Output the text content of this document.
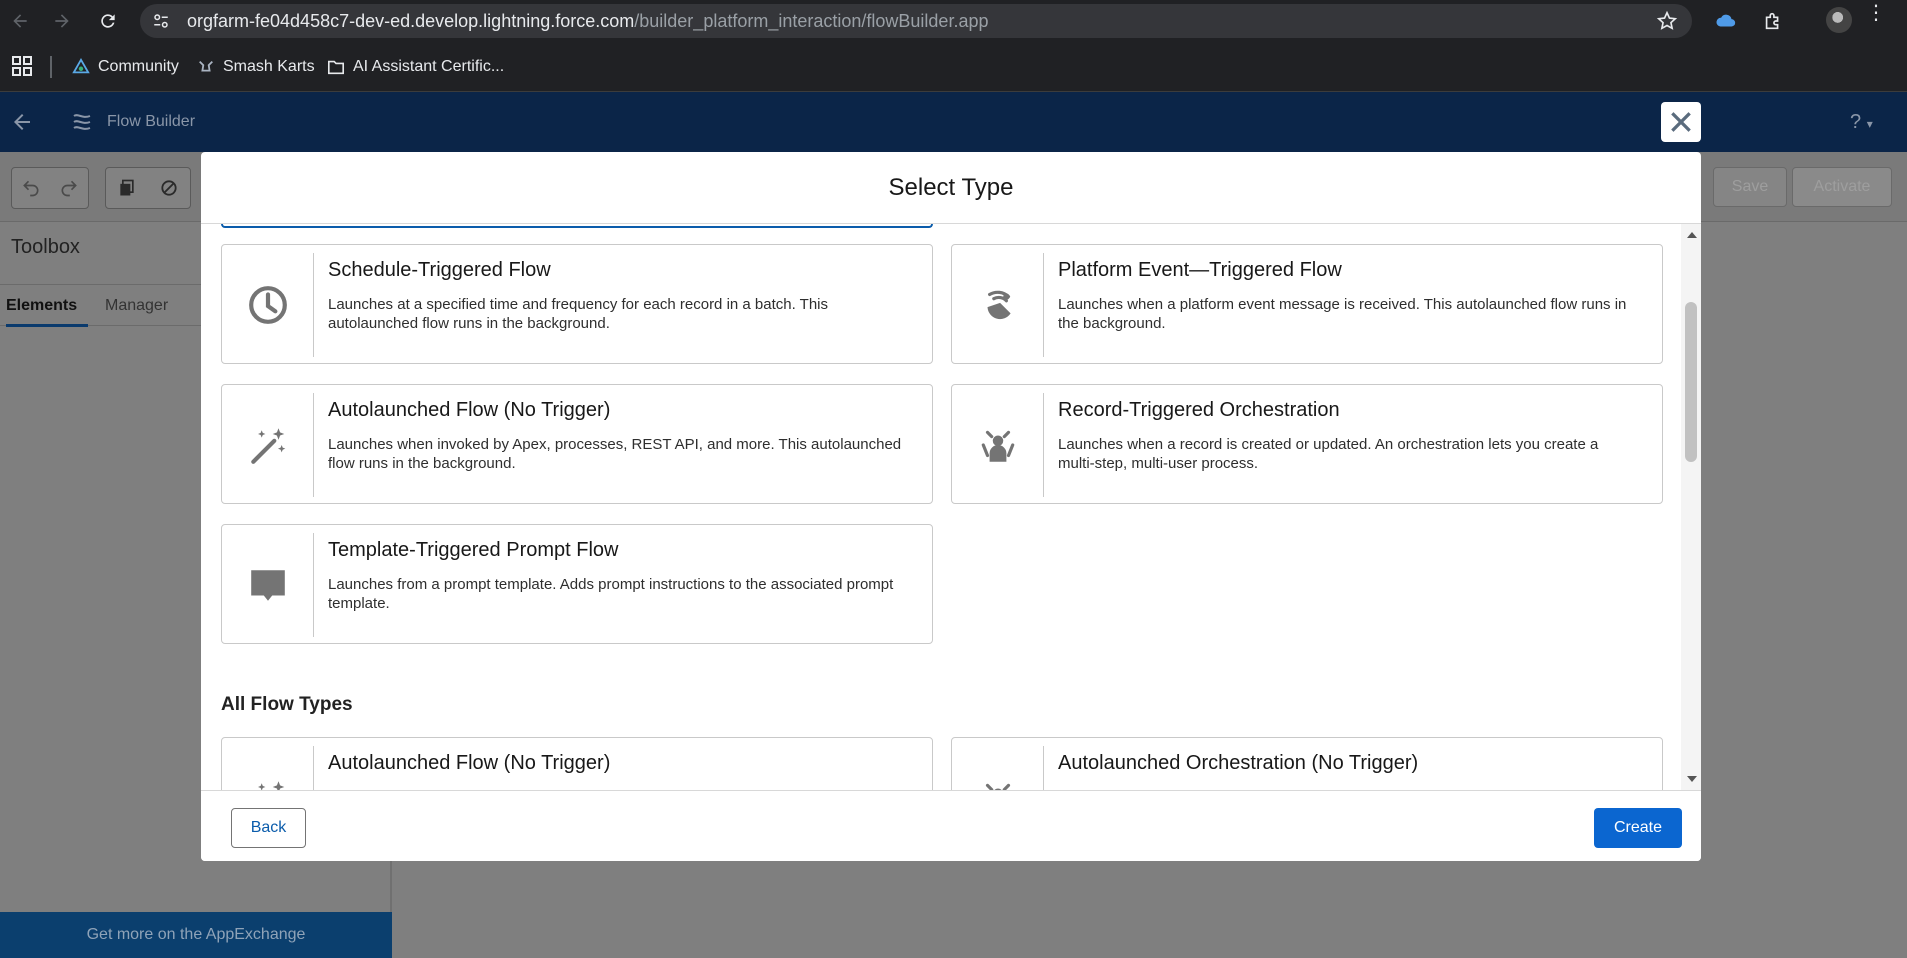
orgfarm-fe04d458c7-dev-ed.develop.lightning.force.com/builder_platform_interaction/flowBuilder.app	⋮
Community	Smash Karts AI Assistant Certific...
Flow Builder	? ▾
Save	Activate
Toolbox
Elements	Manager
Get more on the AppExchange
Select Type
Schedule-Triggered Flow
Launches at a specified time and frequency for each record in a batch. This autolaunched flow runs in the background.
Platform Event—Triggered Flow
Launches when a platform event message is received. This autolaunched flow runs in the background.
Autolaunched Flow (No Trigger)
Launches when invoked by Apex, processes, REST API, and more. This autolaunched flow runs in the background.
Record-Triggered Orchestration
Launches when a record is created or updated. An orchestration lets you create a multi-step, multi-user process.
Template-Triggered Prompt Flow
Launches from a prompt template. Adds prompt instructions to the associated prompt template.
All Flow Types
Autolaunched Flow (No Trigger)	Autolaunched Orchestration (No Trigger)
Back	Create
